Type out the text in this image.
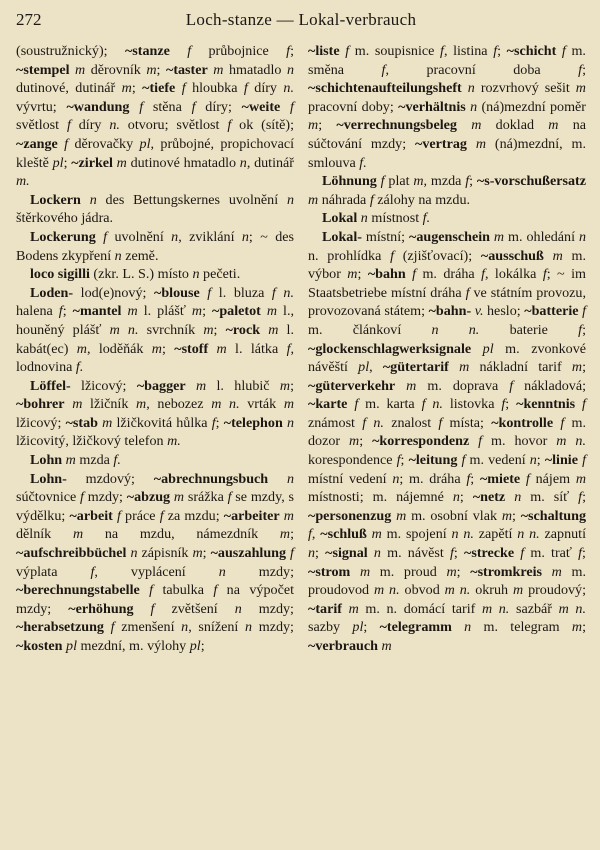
272	Loch-stanze — Lokal-verbrauch

(soustružnický); ~stanze f průbojnice f; ~stempel m děrovník m; ~taster m hmatadlo n dutinové, dutinář m; ~tiefe f hloubka f díry n. vývrtu; ~wandung f stěna f díry; ~weite f světlost f díry n. otvoru; světlost f ok (sítě); ~zange f děrovačky pl, průbojné, propichovací kleště pl; ~zirkel m dutinové hmatadlo n, dutinář m.

Lockern n des Bettungskernes uvolnění n štěrkového jádra.

Lockerung f uvolnění n, zviklání n; ~ des Bodens zkypření n země.

loco sigilli (zkr. L. S.) místo n pečeti.

Loden- lod(e)nový; ~blouse f l. bluza f n. halena f; ~mantel m l. plášť m; ~paletot m l., houněný plášť m n. svrchník m; ~rock m l. kabát(ec) m, loděňák m; ~stoff m l. látka f, lodnovina f.

Löffel- lžicový; ~bagger m l. hlubič m; ~bohrer m lžičník m, nebozez m n. vrták m lžicový; ~stab m lžičkovitá hůlka f; ~telephon n lžicovitý, lžičkový telefon m.

Lohn m mzda f.

Lohn- mzdový; ~abrechnungsbuch n súčtovnice f mzdy; ~abzug m srážka f se mzdy, s výdělku; ~arbeit f práce f za mzdu; ~arbeiter m dělník m na mzdu, námezdník m; ~aufschreibbüchel n zápisník m; ~auszahlung f výplata f, vyplácení n mzdy; ~berechnungstabelle f tabulka f na výpočet mzdy; ~erhöhung f zvětšení n mzdy; ~herabsetzung f zmenšení n, snížení n mzdy; ~kosten pl mezdní, m. výlohy pl;

~liste f m. soupisnice f, listina f; ~schicht f m. směna f, pracovní doba f; ~schichtenaufteilungsheft n rozvrhový sešit m pracovní doby; ~verhältnis n (ná)mezdní poměr m; ~verrechnungsbeleg m doklad m na súčtování mzdy; ~vertrag m (ná)mezdní, m. smlouva f.

Löhnung f plat m, mzda f; ~s-vorschußersatz m náhrada f zálohy na mzdu.

Lokal n místnost f.

Lokal- místní; ~augenschein m m. ohledání n n. prohlídka f (zjišťovací); ~ausschuß m m. výbor m; ~bahn f m. dráha f, lokálka f; ~ im Staatsbetriebe místní dráha f ve státním provozu, provozovaná státem; ~bahn- v. heslo; ~batterie f m. článkoví n n. baterie f; ~glockenschlagwerksignale pl m. zvonkové návěští pl, ~gütertarif m nákladní tarif m; ~güterverkehr m m. doprava f nákladová; ~karte f m. karta f n. listovka f; ~kenntnis f známost f n. znalost f místa; ~kontrolle f m. dozor m; ~korrespondenz f m. hovor m n. korespondence f; ~leitung f m. vedení n; ~linie f místní vedení n; m. dráha f; ~miete f nájem m místnosti; m. nájemné n; ~netz n m. síť f; ~personenzug m m. osobní vlak m; ~schaltung f, ~schluß m m. spojení n n. zapětí n n. zapnutí n; ~signal n m. návěst f; ~strecke f m. trať f; ~strom m m. proud m; ~stromkreis m m. proudovod m n. obvod m n. okruh m proudový; ~tarif m m. n. domácí tarif m n. sazbář m n. sazby pl; ~telegramm n m. telegram m; ~verbrauch m
